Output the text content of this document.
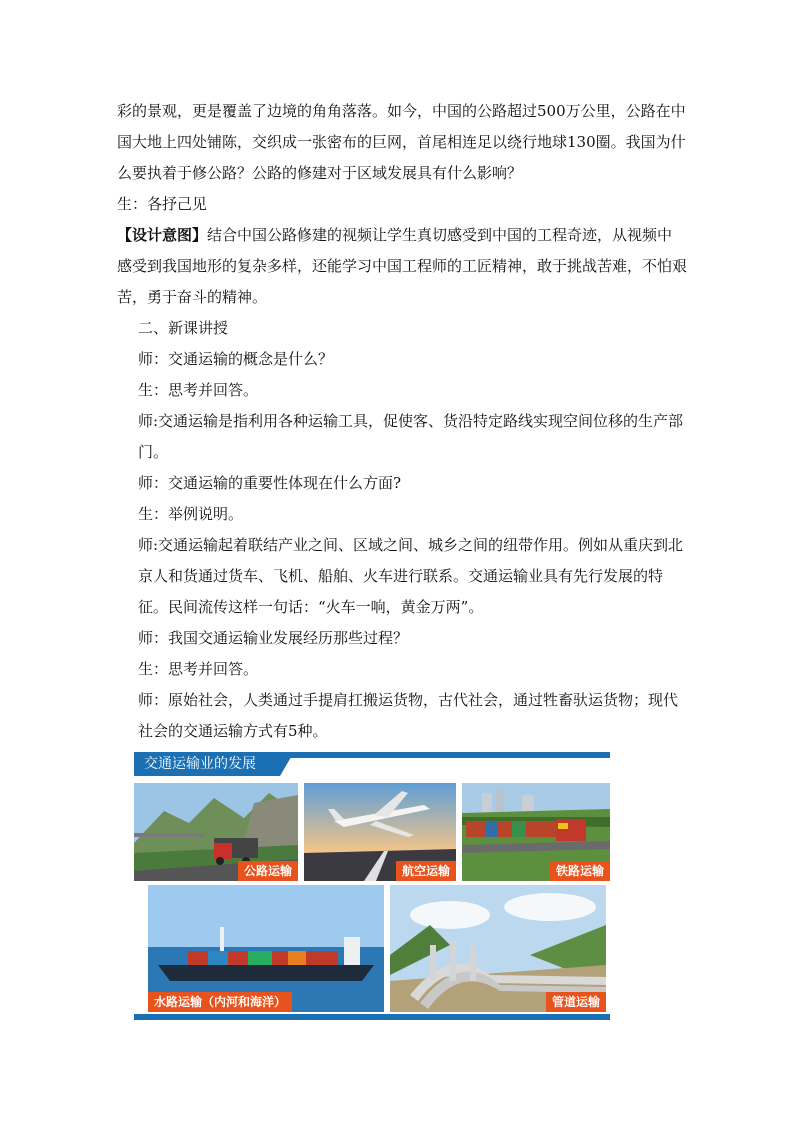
彩的景观，更是覆盖了边境的角角落落。如今，中国的公路超过500万公里，公路在中国大地上四处铺陈，交织成一张密布的巨网，首尾相连足以绕行地球130圈。我国为什么要执着于修公路？公路的修建对于区域发展具有什么影响？

生：各抒己见

【设计意图】结合中国公路修建的视频让学生真切感受到中国的工程奇迹，从视频中感受到我国地形的复杂多样，还能学习中国工程师的工匠精神，敢于挑战苦难，不怕艰苦，勇于奋斗的精神。

二、新课讲授

师：交通运输的概念是什么？

生：思考并回答。

师:交通运输是指利用各种运输工具，促使客、货沿特定路线实现空间位移的生产部门。

师：交通运输的重要性体现在什么方面?

生：举例说明。

师:交通运输起着联结产业之间、区域之间、城乡之间的纽带作用。例如从重庆到北京人和货通过货车、飞机、船舶、火车进行联系。交通运输业具有先行发展的特征。民间流传这样一句话：“火车一响，黄金万两”。

师：我国交通运输业发展经历那些过程？

生：思考并回答。

师：原始社会，人类通过手提肩扛搬运货物，古代社会，通过牲畜驮运货物；现代社会的交通运输方式有5种。

交通运输业的发展
公路运输	航空运输	铁路运输
水路运输（内河和海洋）	管道运输
